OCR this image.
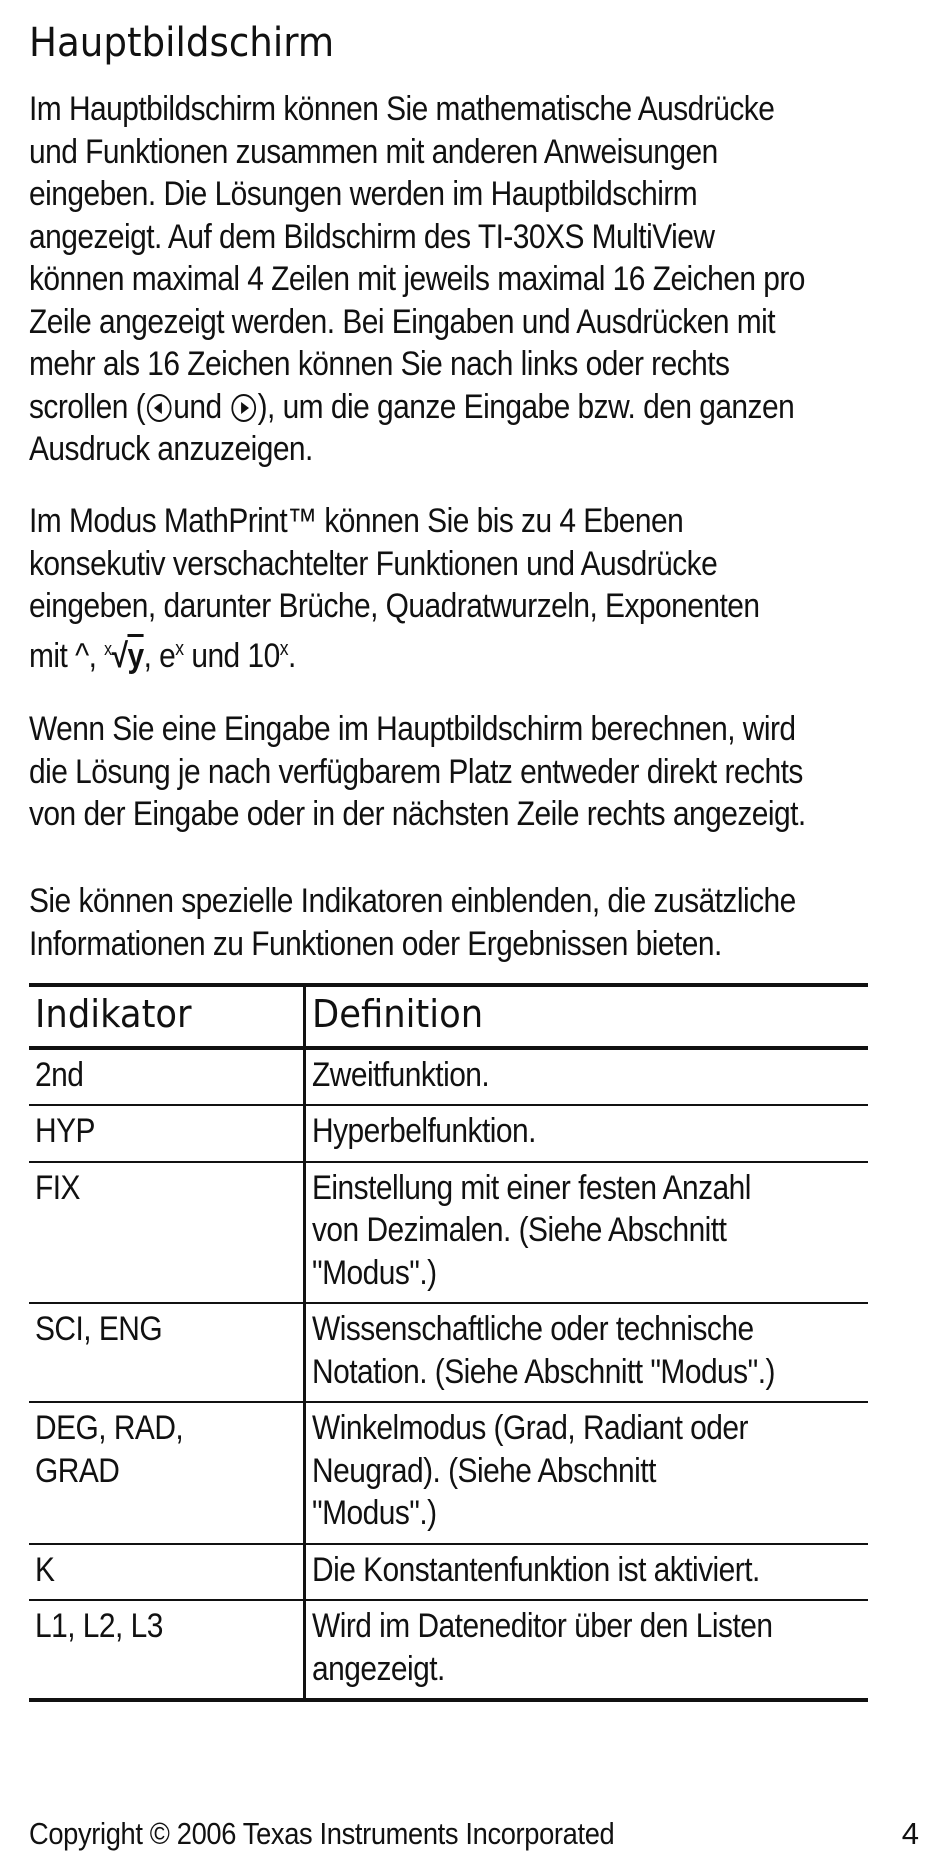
Hauptbildschirm
Im Hauptbildschirm können Sie mathematische Ausdrücke
und Funktionen zusammen mit anderen Anweisungen
eingeben. Die Lösungen werden im Hauptbildschirm
angezeigt. Auf dem Bildschirm des TI-30XS MultiView
können maximal 4 Zeilen mit jeweils maximal 16 Zeichen pro
Zeile angezeigt werden. Bei Eingaben und Ausdrücken mit
mehr als 16 Zeichen können Sie nach links oder rechts
scrollen ( und ), um die ganze Eingabe bzw. den ganzen
Ausdruck anzuzeigen.
Im Modus MathPrint™ können Sie bis zu 4 Ebenen
konsekutiv verschachtelter Funktionen und Ausdrücke
eingeben, darunter Brüche, Quadratwurzeln, Exponenten
mit ^, $^x$√y, $e^x$ und 10$^x$.
Wenn Sie eine Eingabe im Hauptbildschirm berechnen, wird
die Lösung je nach verfügbarem Platz entweder direkt rechts
von der Eingabe oder in der nächsten Zeile rechts angezeigt.
Sie können spezielle Indikatoren einblenden, die zusätzliche
Informationen zu Funktionen oder Ergebnissen bieten.
Indikator	Definition

2nd	Zweitfunktion.

HYP	Hyperbelfunktion.

FIX	Einstellung mit einer festen Anzahl
von Dezimalen. (Siehe Abschnitt
"Modus".)

SCI, ENG	Wissenschaftliche oder technische
Notation. (Siehe Abschnitt "Modus".)

DEG, RAD,
GRAD	Winkelmodus (Grad, Radiant oder
Neugrad). (Siehe Abschnitt
"Modus".)

K	Die Konstantenfunktion ist aktiviert.

L1, L2, L3	Wird im Dateneditor über den Listen
angezeigt.
Copyright © 2006 Texas Instruments Incorporated	4
